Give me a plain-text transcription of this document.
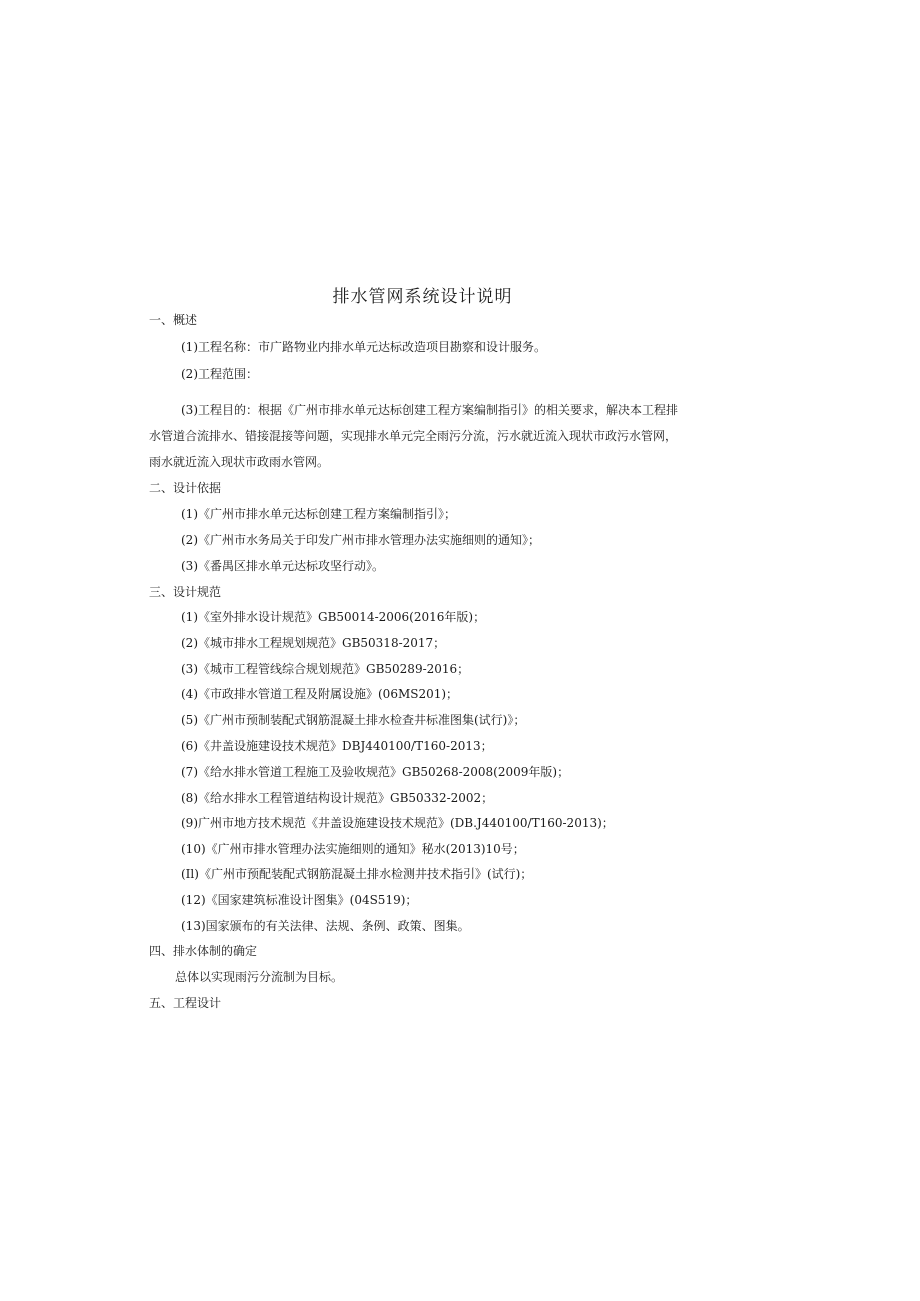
排水管网系统设计说明
一、概述
(1)工程名称：市广路物业内排水单元达标改造项目勘察和设计服务。
(2)工程范围：
(3)工程目的：根据《广州市排水单元达标创建工程方案编制指引》的相关要求，解决本工程排
水管道合流排水、错接混接等问题，实现排水单元完全雨污分流，污水就近流入现状市政污水管网，
雨水就近流入现状市政雨水管网。
二、设计依据
(1)《广州市排水单元达标创建工程方案编制指引》；
(2)《广州市水务局关于印发广州市排水管理办法实施细则的通知》；
(3)《番禺区排水单元达标攻坚行动》。
三、设计规范
(1)《室外排水设计规范》GB50014-2006(2016年版)；
(2)《城市排水工程规划规范》GB50318-2017；
(3)《城市工程管线综合规划规范》GB50289-2016；
(4)《市政排水管道工程及附属设施》(06MS201)；
(5)《广州市预制装配式钢筋混凝土排水检查井标准图集(试行)》；
(6)《井盖设施建设技术规范》DBJ440100/T160-2013；
(7)《给水排水管道工程施工及验收规范》GB50268-2008(2009年版)；
(8)《给水排水工程管道结构设计规范》GB50332-2002；
(9)广州市地方技术规范《井盖设施建设技术规范》(DB.J440100/T160-2013)；
(10)《广州市排水管理办法实施细则的通知》秘水(2013)10号；
(Il)《广州市预配装配式钢筋混凝土排水检测井技术指引》(试行)；
(12)《国家建筑标准设计图集》(04S519)；
(13)国家颁布的有关法律、法规、条例、政策、图集。
四、排水体制的确定
总体以实现雨污分流制为目标。
五、工程设计
